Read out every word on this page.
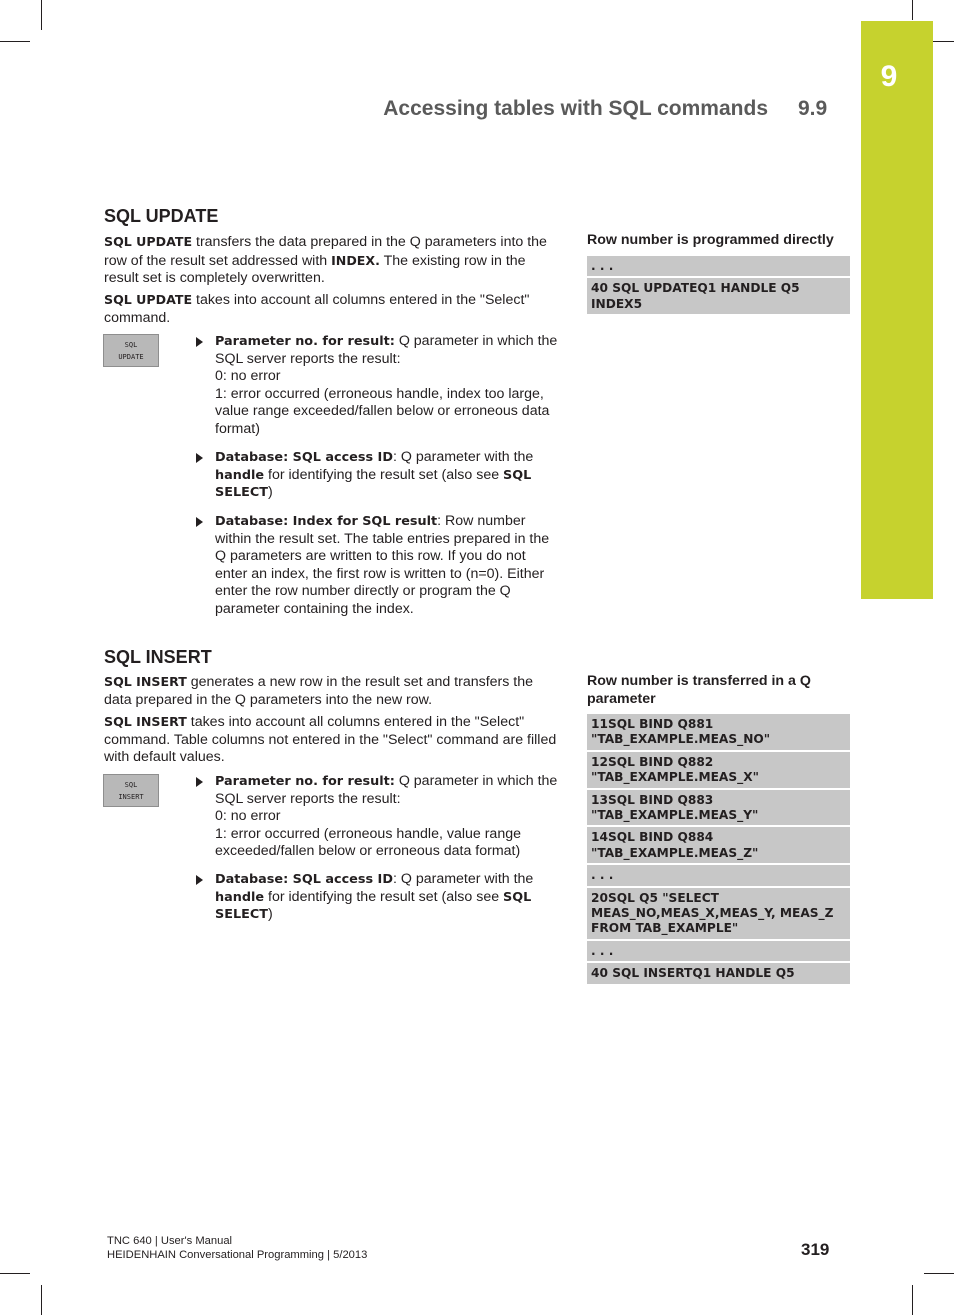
9
Accessing tables with SQL commands 9.9
SQL UPDATE

SQL UPDATE transfers the data prepared in the Q parameters into the row of the result set addressed with INDEX. The existing row in the result set is completely overwritten.

SQL UPDATE takes into account all columns entered in the "Select" command.

SQL
UPDATE
Parameter no. for result: Q parameter in which the SQL server reports the result:
0: no error
1: error occurred (erroneous handle, index too large, value range exceeded/fallen below or erroneous data format)
Database: SQL access ID: Q parameter with the handle for identifying the result set (also see SQL SELECT)
Database: Index for SQL result: Row number within the result set. The table entries prepared in the Q parameters are written to this row. If you do not enter an index, the first row is written to (n=0). Either enter the row number directly or program the Q parameter containing the index.
Row number is programmed directly
. . .
40 SQL UPDATEQ1 HANDLE Q5 INDEX5
SQL INSERT

SQL INSERT generates a new row in the result set and transfers the data prepared in the Q parameters into the new row.

SQL INSERT takes into account all columns entered in the "Select" command. Table columns not entered in the "Select" command are filled with default values.

SQL
INSERT
Parameter no. for result: Q parameter in which the SQL server reports the result:
0: no error
1: error occurred (erroneous handle, value range exceeded/fallen below or erroneous data format)
Database: SQL access ID: Q parameter with the handle for identifying the result set (also see SQL SELECT)
Row number is transferred in a Q parameter
11SQL BIND Q881 "TAB_EXAMPLE.MEAS_NO"
12SQL BIND Q882 "TAB_EXAMPLE.MEAS_X"
13SQL BIND Q883 "TAB_EXAMPLE.MEAS_Y"
14SQL BIND Q884 "TAB_EXAMPLE.MEAS_Z"
. . .
20SQL Q5 "SELECT MEAS_NO,MEAS_X,MEAS_Y, MEAS_Z FROM TAB_EXAMPLE"
. . .
40 SQL INSERTQ1 HANDLE Q5
TNC 640 | User's Manual
HEIDENHAIN Conversational Programming | 5/2013	319
